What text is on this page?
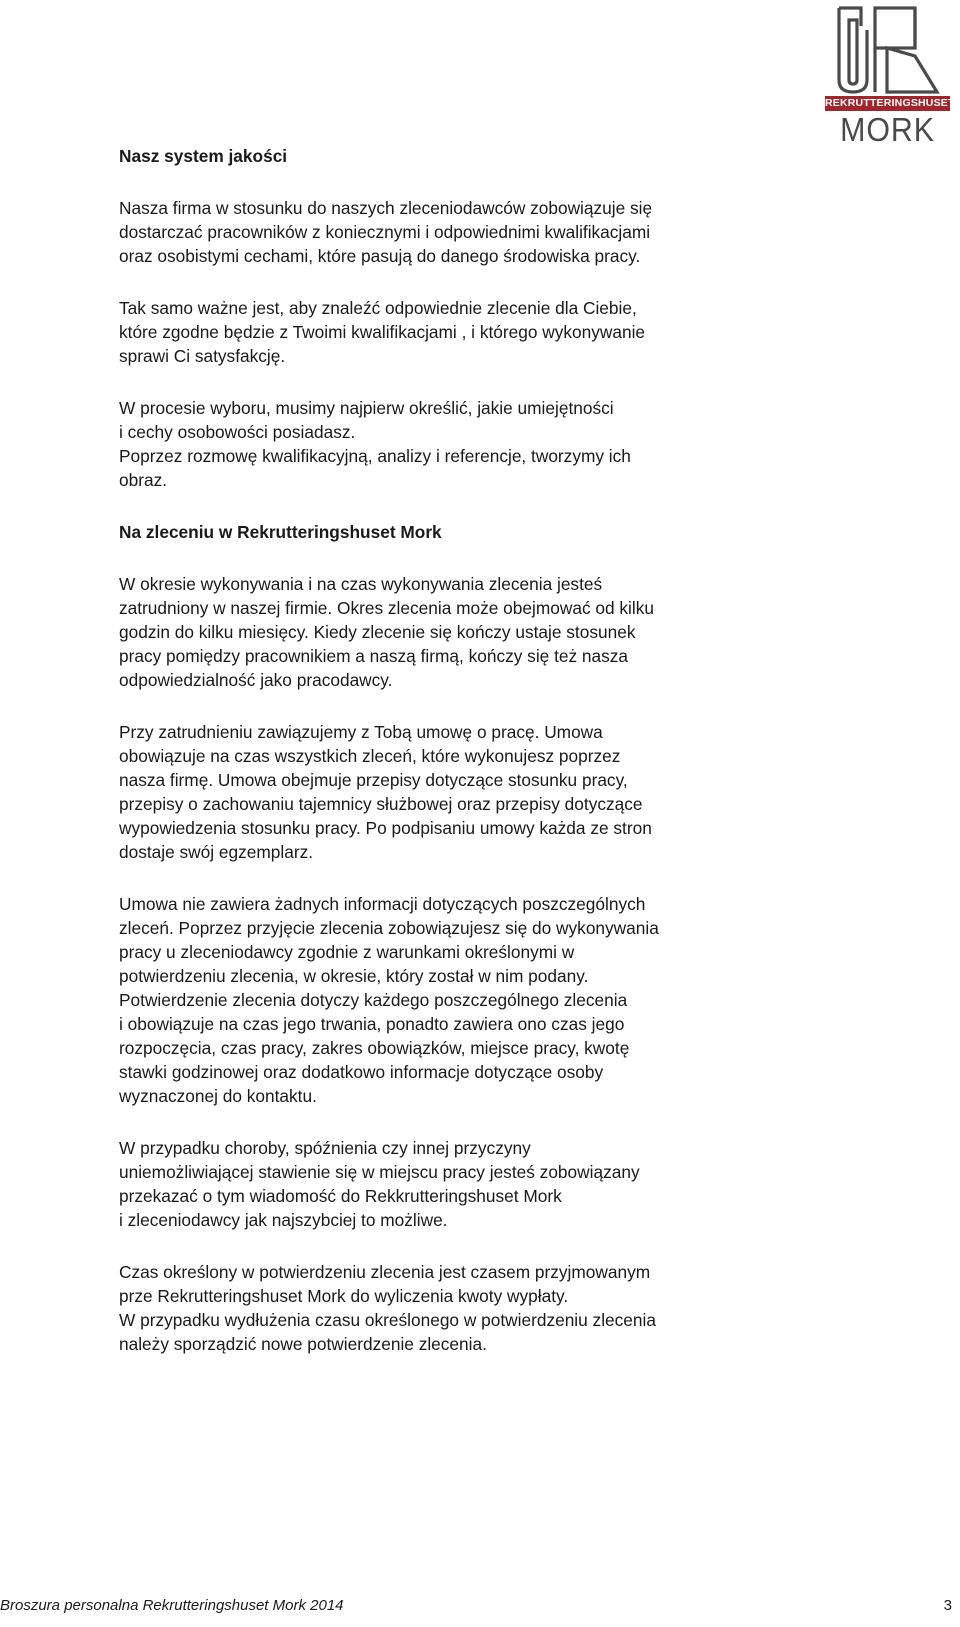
REKRUTTERINGSHUSET
MORK
Nasz system jakości

Nasza firma w stosunku do naszych zleceniodawców zobowiązuje się
dostarczać pracowników z koniecznymi i odpowiednimi kwalifikacjami
oraz osobistymi cechami, które pasują do danego środowiska pracy.

Tak samo ważne jest, aby znaleźć odpowiednie zlecenie dla Ciebie,
które zgodne będzie z Twoimi kwalifikacjami , i którego wykonywanie
sprawi Ci satysfakcję.

W procesie wyboru, musimy najpierw określić, jakie umiejętności
i cechy osobowości posiadasz.
Poprzez rozmowę kwalifikacyjną, analizy i referencje, tworzymy ich
obraz.

Na zleceniu w Rekrutteringshuset Mork

W okresie wykonywania i na czas wykonywania zlecenia jesteś
zatrudniony w naszej firmie. Okres zlecenia może obejmować od kilku
godzin do kilku miesięcy. Kiedy zlecenie się kończy ustaje stosunek
pracy pomiędzy pracownikiem a naszą firmą, kończy się też nasza
odpowiedzialność jako pracodawcy.

Przy zatrudnieniu zawiązujemy z Tobą umowę o pracę. Umowa
obowiązuje na czas wszystkich zleceń, które wykonujesz poprzez
nasza firmę. Umowa obejmuje przepisy dotyczące stosunku pracy,
przepisy o zachowaniu tajemnicy służbowej oraz przepisy dotyczące
wypowiedzenia stosunku pracy. Po podpisaniu umowy każda ze stron
dostaje swój egzemplarz.

Umowa nie zawiera żadnych informacji dotyczących poszczególnych
zleceń. Poprzez przyjęcie zlecenia zobowiązujesz się do wykonywania
pracy u zleceniodawcy zgodnie z warunkami określonymi w
potwierdzeniu zlecenia, w okresie, który został w nim podany.
Potwierdzenie zlecenia dotyczy każdego poszczególnego zlecenia
i obowiązuje na czas jego trwania, ponadto zawiera ono czas jego
rozpoczęcia, czas pracy, zakres obowiązków, miejsce pracy, kwotę
stawki godzinowej oraz dodatkowo informacje dotyczące osoby
wyznaczonej do kontaktu.

W przypadku choroby, spóźnienia czy innej przyczyny
uniemożliwiającej stawienie się w miejscu pracy jesteś zobowiązany
przekazać o tym wiadomość do Rekkrutteringshuset Mork
i zleceniodawcy jak najszybciej to możliwe.

Czas określony w potwierdzeniu zlecenia jest czasem przyjmowanym
prze Rekrutteringshuset Mork do wyliczenia kwoty wypłaty.
W przypadku wydłużenia czasu określonego w potwierdzeniu zlecenia
należy sporządzić nowe potwierdzenie zlecenia.

Broszura personalna Rekrutteringshuset Mork 2014	3
